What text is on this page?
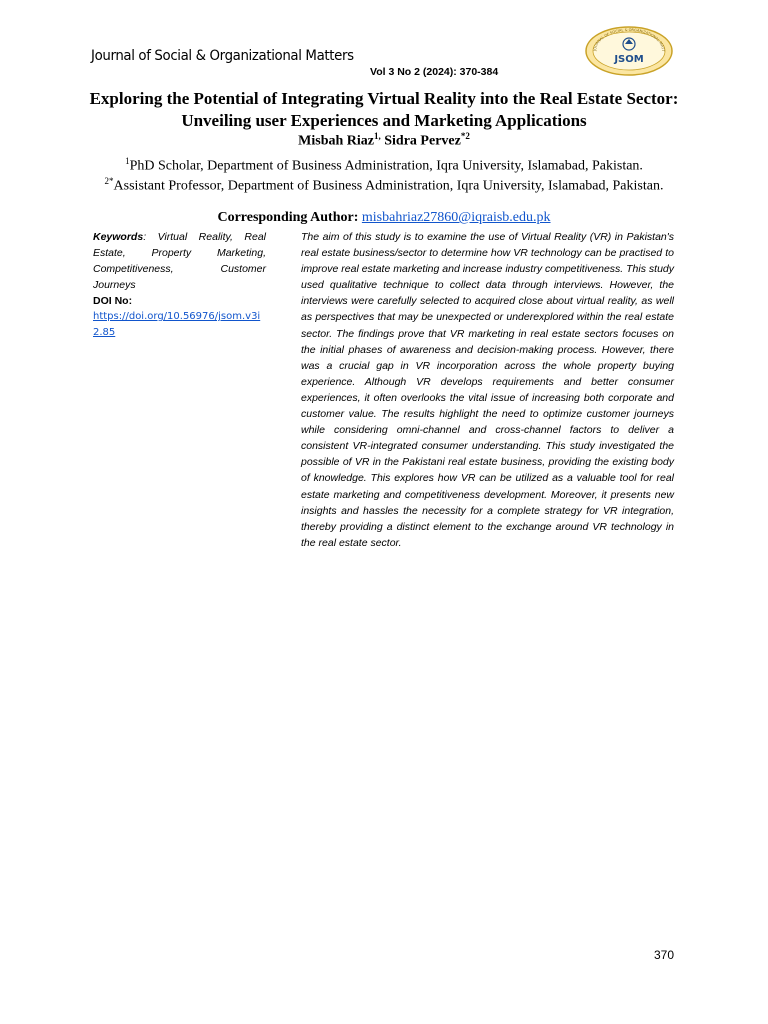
Journal of Social & Organizational Matters
Vol 3 No 2 (2024): 370-384
JOURNAL OF SOCIAL & ORGANIZATIONAL MATT
JSOM
Exploring the Potential of Integrating Virtual Reality into the Real Estate Sector: Unveiling user Experiences and Marketing Applications
Misbah Riaz$^{1,}$ Sidra Pervez$^{*2}$
$^1$PhD Scholar, Department of Business Administration, Iqra University, Islamabad, Pakistan.
$^{2*}$Assistant Professor, Department of Business Administration, Iqra University, Islamabad, Pakistan.
Corresponding Author: misbahriaz27860@iqraisb.edu.pk
Keywords: Virtual Reality, Real Estate, Property Marketing, Competitiveness, Customer Journeys
DOI No:
https://doi.org/10.56976/jsom.v3i2.85
The aim of this study is to examine the use of Virtual Reality (VR) in Pakistan's real estate business/sector to determine how VR technology can be practised to improve real estate marketing and increase industry competitiveness. This study used qualitative technique to collect data through interviews. However, the interviews were carefully selected to acquired close about virtual reality, as well as perspectives that may be unexpected or underexplored within the real estate sector. The findings prove that VR marketing in real estate sectors focuses on the initial phases of awareness and decision-making process. However, there was a crucial gap in VR incorporation across the whole property buying experience. Although VR develops requirements and better consumer experiences, it often overlooks the vital issue of increasing both corporate and customer value. The results highlight the need to optimize customer journeys while considering omni-channel and cross-channel factors to deliver a consistent VR-integrated consumer understanding. This study investigated the possible of VR in the Pakistani real estate business, providing the existing body of knowledge. This explores how VR can be utilized as a valuable tool for real estate marketing and competitiveness development. Moreover, it presents new insights and hassles the necessity for a complete strategy for VR integration, thereby providing a distinct element to the exchange around VR technology in the real estate sector.
370
